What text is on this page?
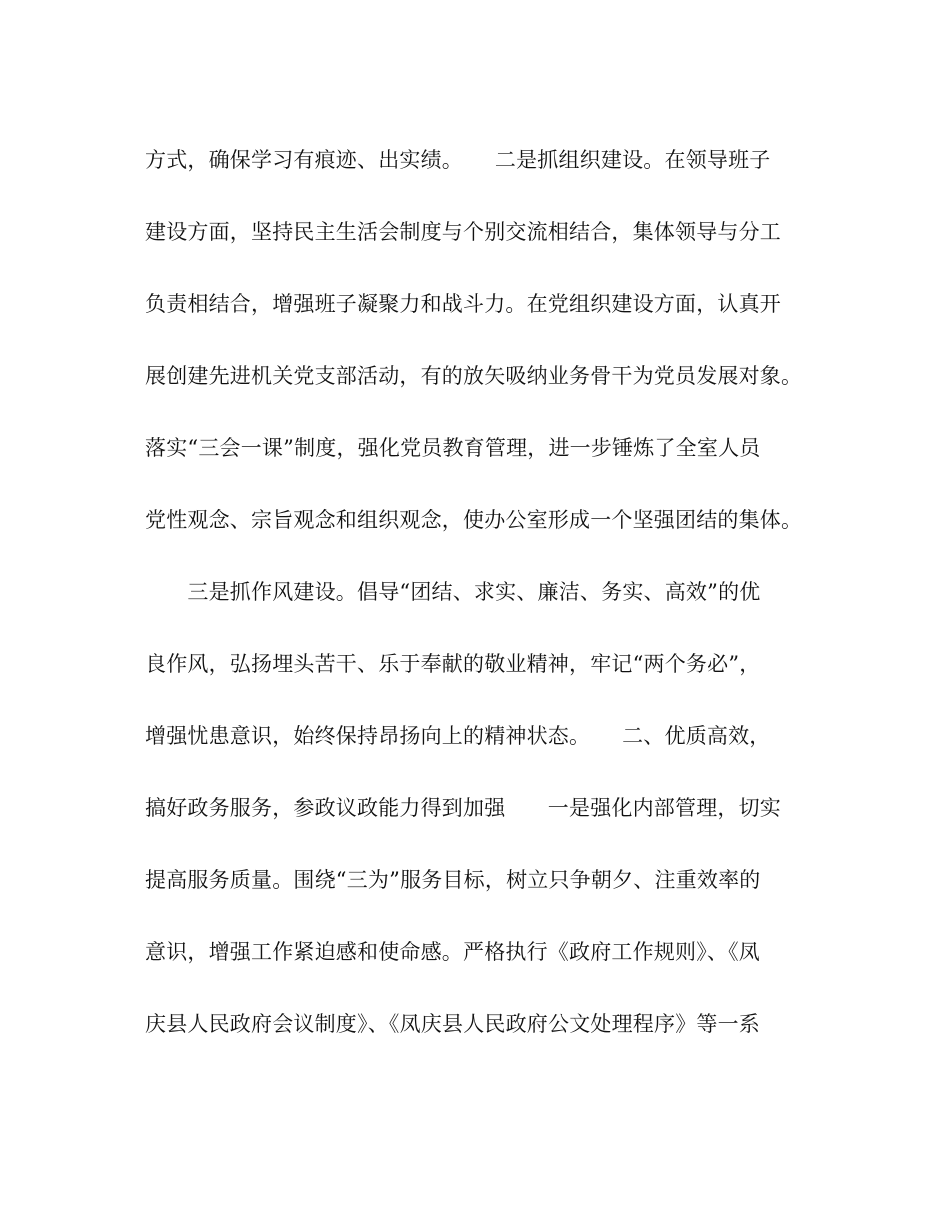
方式，确保学习有痕迹、出实绩。　　二是抓组织建设。在领导班子
建设方面，坚持民主生活会制度与个别交流相结合，集体领导与分工
负责相结合，增强班子凝聚力和战斗力。在党组织建设方面，认真开
展创建先进机关党支部活动，有的放矢吸纳业务骨干为党员发展对象。
落实“三会一课”制度，强化党员教育管理，进一步锤炼了全室人员
党性观念、宗旨观念和组织观念，使办公室形成一个坚强团结的集体。
　　三是抓作风建设。倡导“团结、求实、廉洁、务实、高效”的优
良作风，弘扬埋头苦干、乐于奉献的敬业精神，牢记“两个务必”，
增强忧患意识，始终保持昂扬向上的精神状态。　　二、优质高效，
搞好政务服务，参政议政能力得到加强　　一是强化内部管理，切实
提高服务质量。围绕“三为”服务目标，树立只争朝夕、注重效率的
意识，增强工作紧迫感和使命感。严格执行《政府工作规则》、《凤
庆县人民政府会议制度》、《凤庆县人民政府公文处理程序》等一系
